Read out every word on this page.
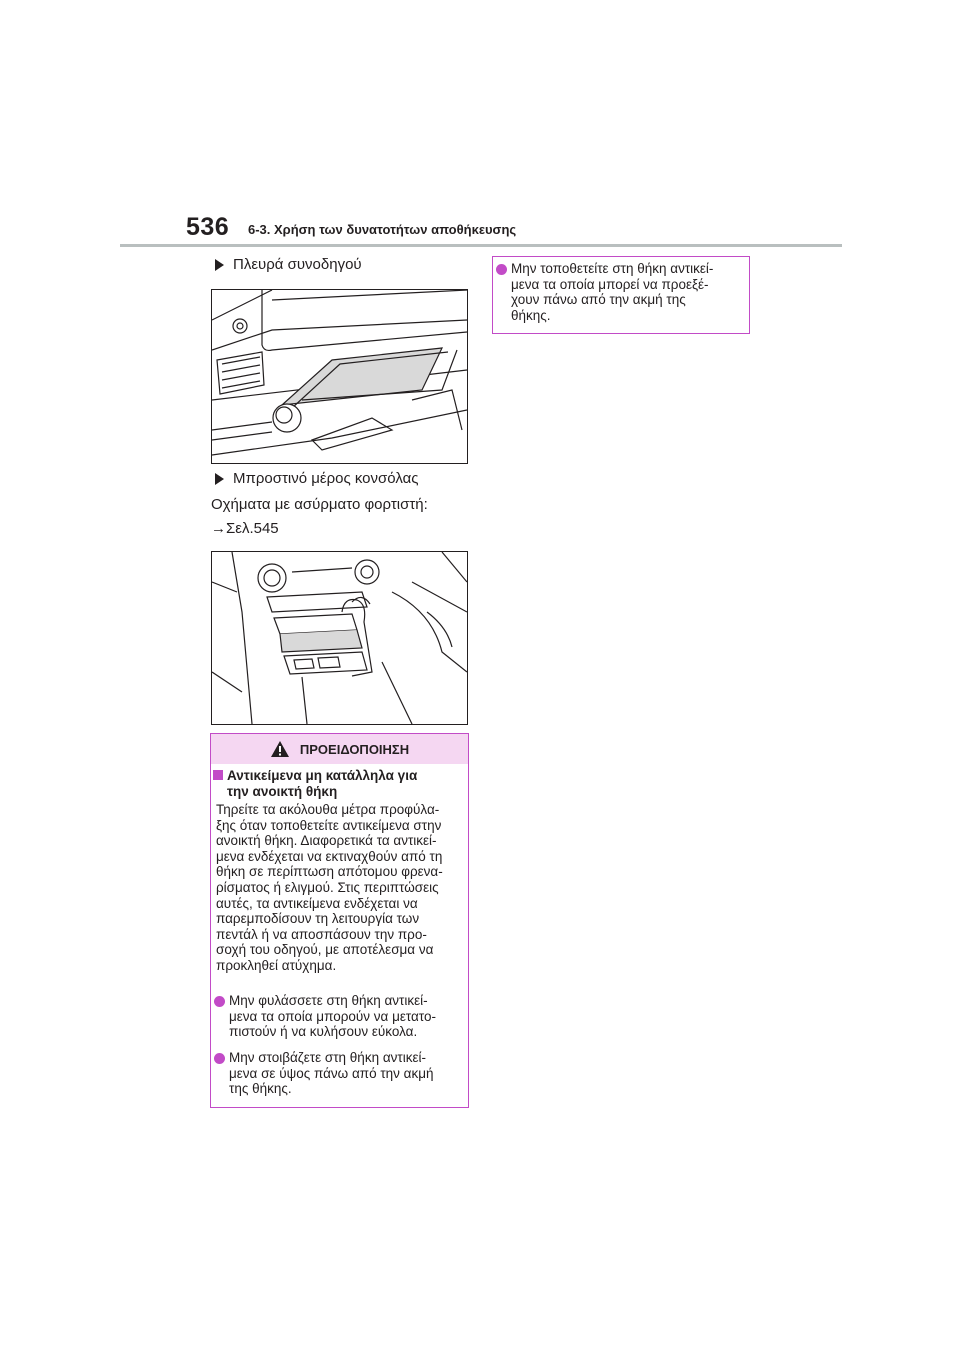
536 6-3. Χρήση των δυνατοτήτων αποθήκευσης
Πλευρά συνοδηγού
Μπροστινό μέρος κονσόλας
Οχήματα με ασύρματο φορτιστή:
→Σελ.545
ΠΡΟΕΙΔΟΠΟΙΗΣΗ
Αντικείμενα μη κατάλληλα για
την ανοικτή θήκη
Τηρείτε τα ακόλουθα μέτρα προφύλα-
ξης όταν τοποθετείτε αντικείμενα στην
ανοικτή θήκη. Διαφορετικά τα αντικεί-
μενα ενδέχεται να εκτιναχθούν από τη
θήκη σε περίπτωση απότομου φρενα-
ρίσματος ή ελιγμού. Στις περιπτώσεις
αυτές, τα αντικείμενα ενδέχεται να
παρεμποδίσουν τη λειτουργία των
πεντάλ ή να αποσπάσουν την προ-
σοχή του οδηγού, με αποτέλεσμα να
προκληθεί ατύχημα.
Μην φυλάσσετε στη θήκη αντικεί-
μενα τα οποία μπορούν να μετατο-
πιστούν ή να κυλήσουν εύκολα.
Μην στοιβάζετε στη θήκη αντικεί-
μενα σε ύψος πάνω από την ακμή
της θήκης.
Μην τοποθετείτε στη θήκη αντικεί-
μενα τα οποία μπορεί να προεξέ-
χουν πάνω από την ακμή της
θήκης.
